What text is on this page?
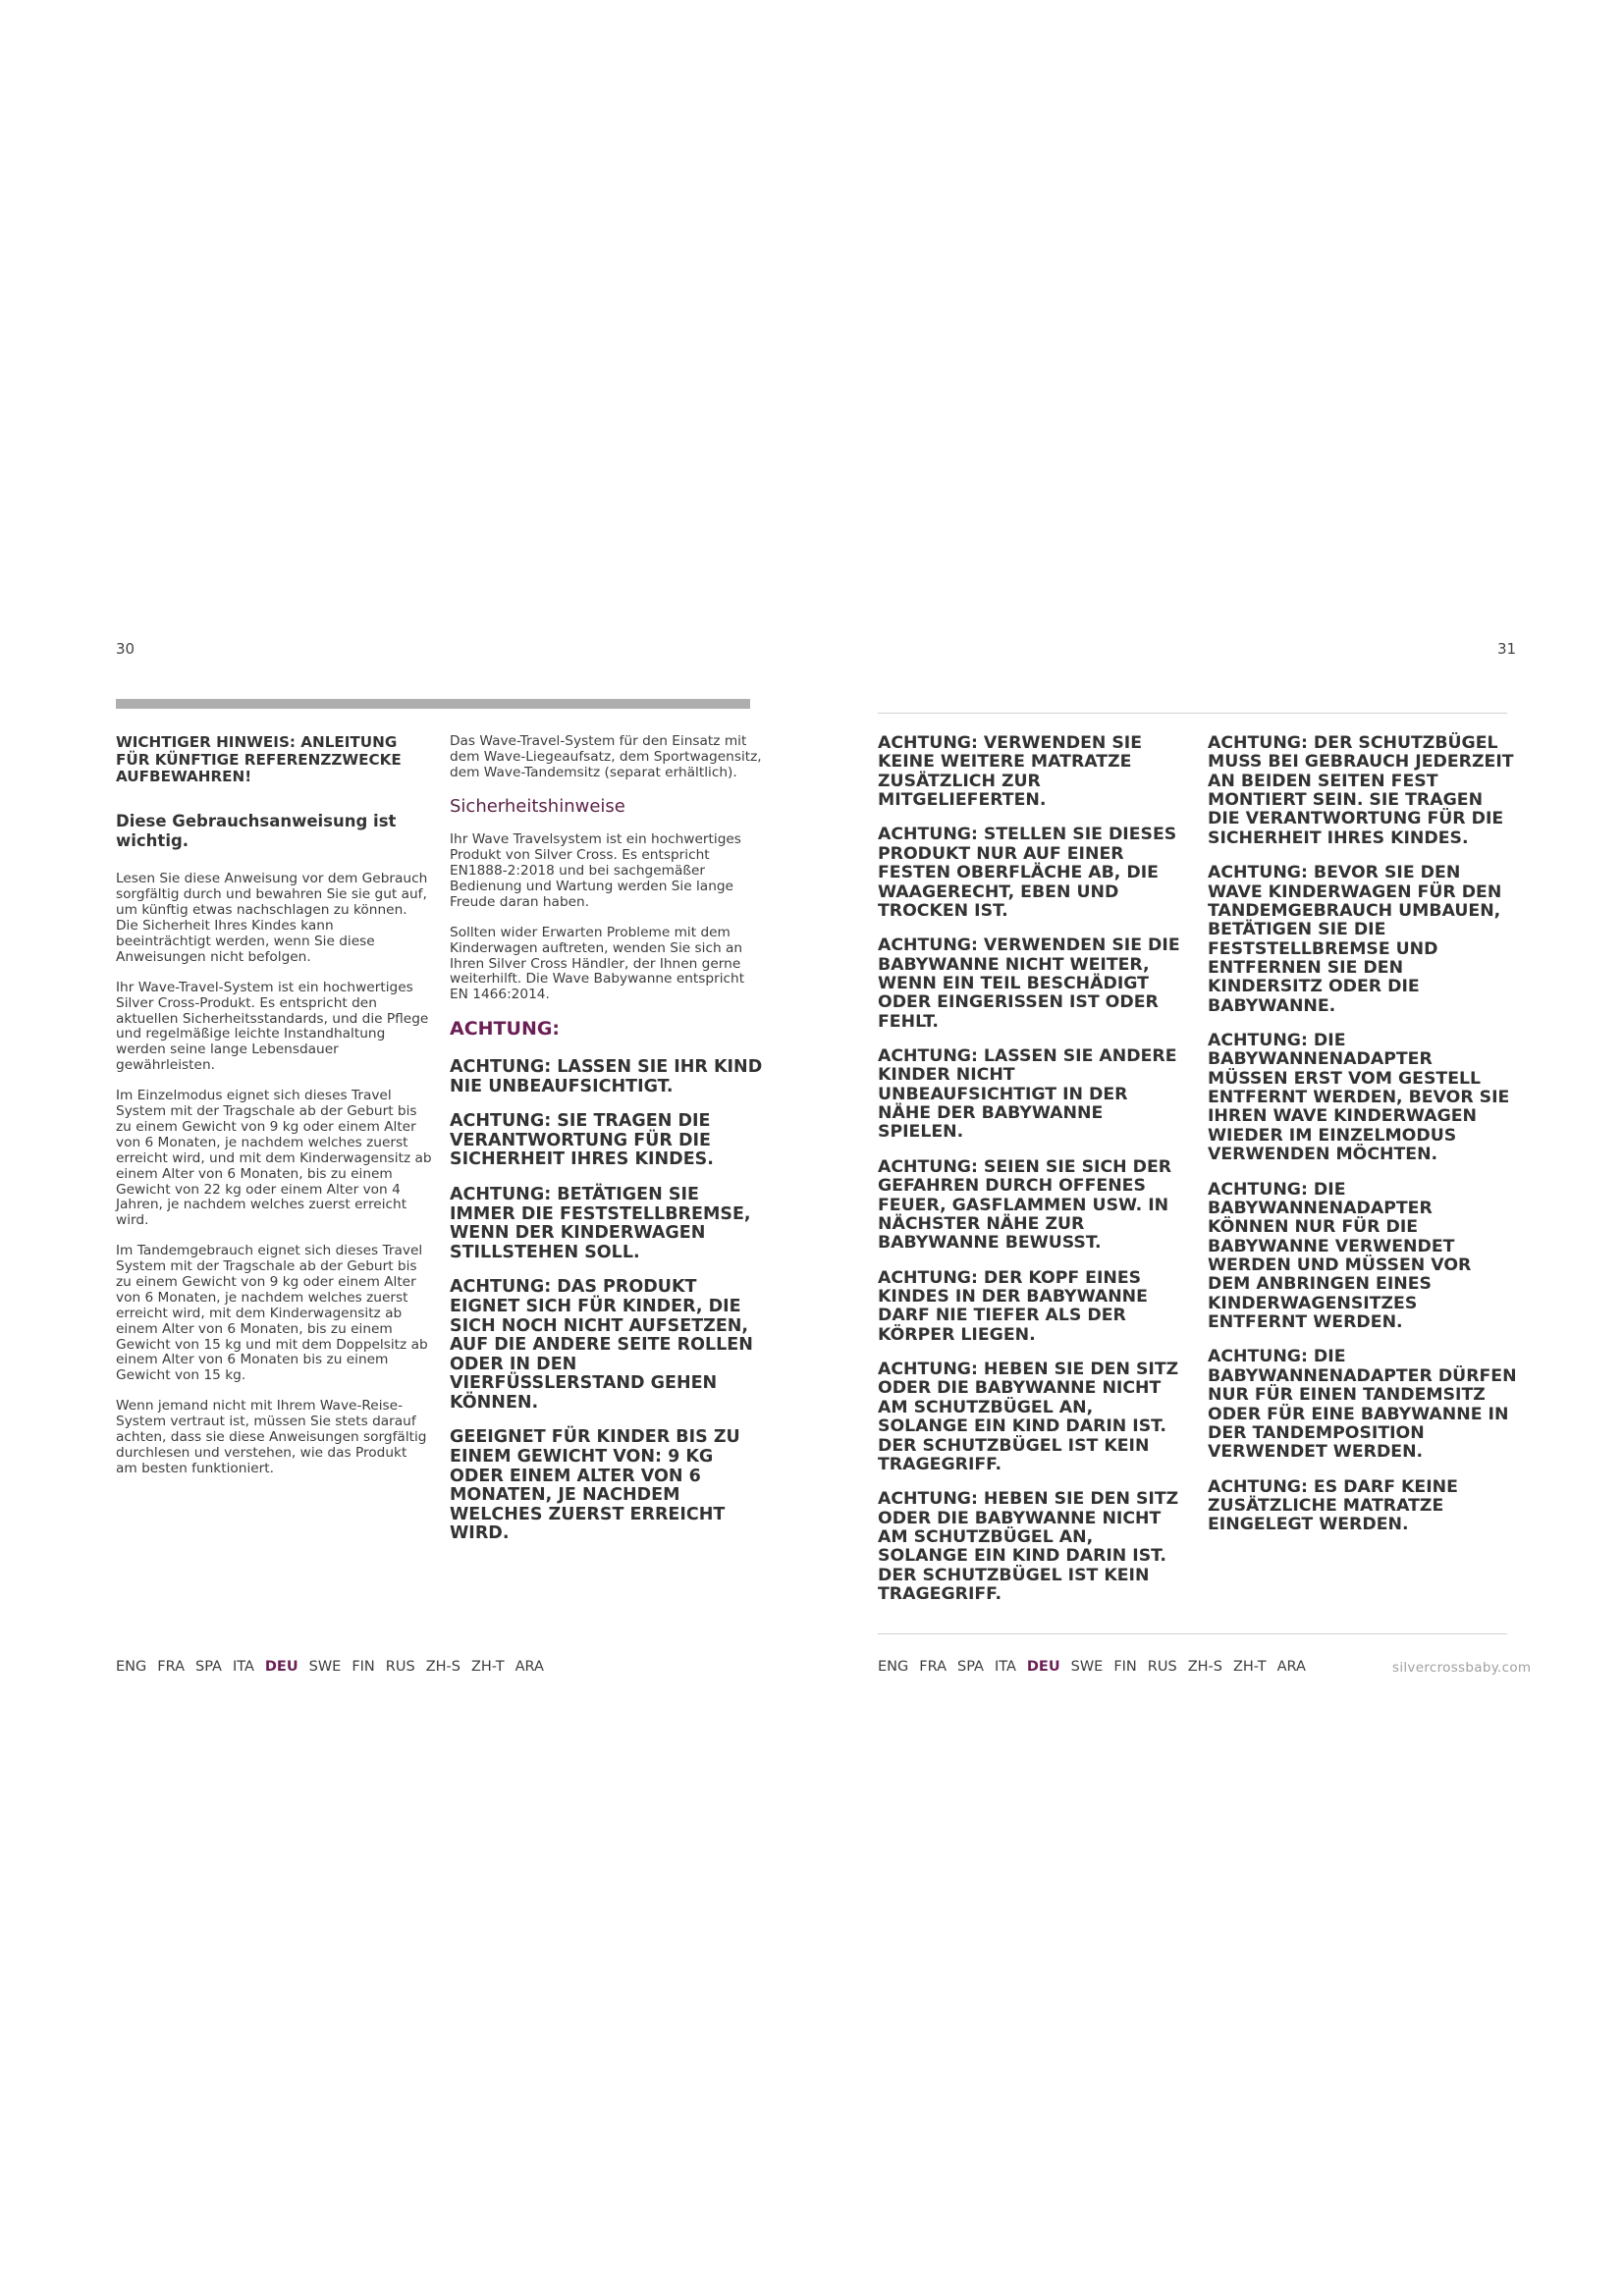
30	31

WICHTIGER HINWEIS: ANLEITUNG FÜR KÜNFTIGE REFERENZZWECKE AUFBEWAHREN!

Diese Gebrauchsanweisung ist wichtig.

Lesen Sie diese Anweisung vor dem Gebrauch sorgfältig durch und bewahren Sie sie gut auf, um künftig etwas nachschlagen zu können. Die Sicherheit Ihres Kindes kann beeinträchtigt werden, wenn Sie diese Anweisungen nicht befolgen.

Ihr Wave-Travel-System ist ein hochwertiges Silver Cross-Produkt. Es entspricht den aktuellen Sicherheitsstandards, und die Pflege und regelmäßige leichte Instandhaltung werden seine lange Lebensdauer gewährleisten.

Im Einzelmodus eignet sich dieses Travel System mit der Tragschale ab der Geburt bis zu einem Gewicht von 9 kg oder einem Alter von 6 Monaten, je nachdem welches zuerst erreicht wird, und mit dem Kinderwagensitz ab einem Alter von 6 Monaten, bis zu einem Gewicht von 22 kg oder einem Alter von 4 Jahren, je nachdem welches zuerst erreicht wird.

Im Tandemgebrauch eignet sich dieses Travel System mit der Tragschale ab der Geburt bis zu einem Gewicht von 9 kg oder einem Alter von 6 Monaten, je nachdem welches zuerst erreicht wird, mit dem Kinderwagensitz ab einem Alter von 6 Monaten, bis zu einem Gewicht von 15 kg und mit dem Doppelsitz ab einem Alter von 6 Monaten bis zu einem Gewicht von 15 kg.

Wenn jemand nicht mit Ihrem Wave-Reise-System vertraut ist, müssen Sie stets darauf achten, dass sie diese Anweisungen sorgfältig durchlesen und verstehen, wie das Produkt am besten funktioniert.

Das Wave-Travel-System für den Einsatz mit dem Wave-Liegeaufsatz, dem Sportwagensitz, dem Wave-Tandemsitz (separat erhältlich).

Sicherheitshinweise

Ihr Wave Travelsystem ist ein hochwertiges Produkt von Silver Cross. Es entspricht EN1888-2:2018 und bei sachgemäßer Bedienung und Wartung werden Sie lange Freude daran haben.

Sollten wider Erwarten Probleme mit dem Kinderwagen auftreten, wenden Sie sich an Ihren Silver Cross Händler, der Ihnen gerne weiterhilft. Die Wave Babywanne entspricht EN 1466:2014.

ACHTUNG:

ACHTUNG: LASSEN SIE IHR KIND NIE UNBEAUFSICHTIGT.

ACHTUNG: SIE TRAGEN DIE VERANTWORTUNG FÜR DIE SICHERHEIT IHRES KINDES.

ACHTUNG: BETÄTIGEN SIE IMMER DIE FESTSTELLBREMSE, WENN DER KINDERWAGEN STILLSTEHEN SOLL.

ACHTUNG: DAS PRODUKT EIGNET SICH FÜR KINDER, DIE SICH NOCH NICHT AUFSETZEN, AUF DIE ANDERE SEITE ROLLEN ODER IN DEN VIERFÜSSLERSTAND GEHEN KÖNNEN.

GEEIGNET FÜR KINDER BIS ZU EINEM GEWICHT VON: 9 KG ODER EINEM ALTER VON 6 MONATEN, JE NACHDEM WELCHES ZUERST ERREICHT WIRD.

ACHTUNG: VERWENDEN SIE KEINE WEITERE MATRATZE ZUSÄTZLICH ZUR MITGELIEFERTEN.

ACHTUNG: STELLEN SIE DIESES PRODUKT NUR AUF EINER FESTEN OBERFLÄCHE AB, DIE WAAGERECHT, EBEN UND TROCKEN IST.

ACHTUNG: VERWENDEN SIE DIE BABYWANNE NICHT WEITER, WENN EIN TEIL BESCHÄDIGT ODER EINGERISSEN IST ODER FEHLT.

ACHTUNG: LASSEN SIE ANDERE KINDER NICHT UNBEAUFSICHTIGT IN DER NÄHE DER BABYWANNE SPIELEN.

ACHTUNG: SEIEN SIE SICH DER GEFAHREN DURCH OFFENES FEUER, GASFLAMMEN USW. IN NÄCHSTER NÄHE ZUR BABYWANNE BEWUSST.

ACHTUNG: DER KOPF EINES KINDES IN DER BABYWANNE DARF NIE TIEFER ALS DER KÖRPER LIEGEN.

ACHTUNG: HEBEN SIE DEN SITZ ODER DIE BABYWANNE NICHT AM SCHUTZBÜGEL AN, SOLANGE EIN KIND DARIN IST. DER SCHUTZBÜGEL IST KEIN TRAGEGRIFF.

ACHTUNG: HEBEN SIE DEN SITZ ODER DIE BABYWANNE NICHT AM SCHUTZBÜGEL AN, SOLANGE EIN KIND DARIN IST. DER SCHUTZBÜGEL IST KEIN TRAGEGRIFF.

ACHTUNG: DER SCHUTZBÜGEL MUSS BEI GEBRAUCH JEDERZEIT AN BEIDEN SEITEN FEST MONTIERT SEIN. SIE TRAGEN DIE VERANTWORTUNG FÜR DIE SICHERHEIT IHRES KINDES.

ACHTUNG: BEVOR SIE DEN WAVE KINDERWAGEN FÜR DEN TANDEMGEBRAUCH UMBAUEN, BETÄTIGEN SIE DIE FESTSTELLBREMSE UND ENTFERNEN SIE DEN KINDERSITZ ODER DIE BABYWANNE.

ACHTUNG: DIE BABYWANNENADAPTER MÜSSEN ERST VOM GESTELL ENTFERNT WERDEN, BEVOR SIE IHREN WAVE KINDERWAGEN WIEDER IM EINZELMODUS VERWENDEN MÖCHTEN.

ACHTUNG: DIE BABYWANNENADAPTER KÖNNEN NUR FÜR DIE BABYWANNE VERWENDET WERDEN UND MÜSSEN VOR DEM ANBRINGEN EINES KINDERWAGENSITZES ENTFERNT WERDEN.

ACHTUNG: DIE BABYWANNENADAPTER DÜRFEN NUR FÜR EINEN TANDEMSITZ ODER FÜR EINE BABYWANNE IN DER TANDEMPOSITION VERWENDET WERDEN.

ACHTUNG: ES DARF KEINE ZUSÄTZLICHE MATRATZE EINGELEGT WERDEN.

ENG FRA SPA ITA DEU SWE FIN RUS ZH-S ZH-T ARA	ENG FRA SPA ITA DEU SWE FIN RUS ZH-S ZH-T ARA	silvercrossbaby.com
